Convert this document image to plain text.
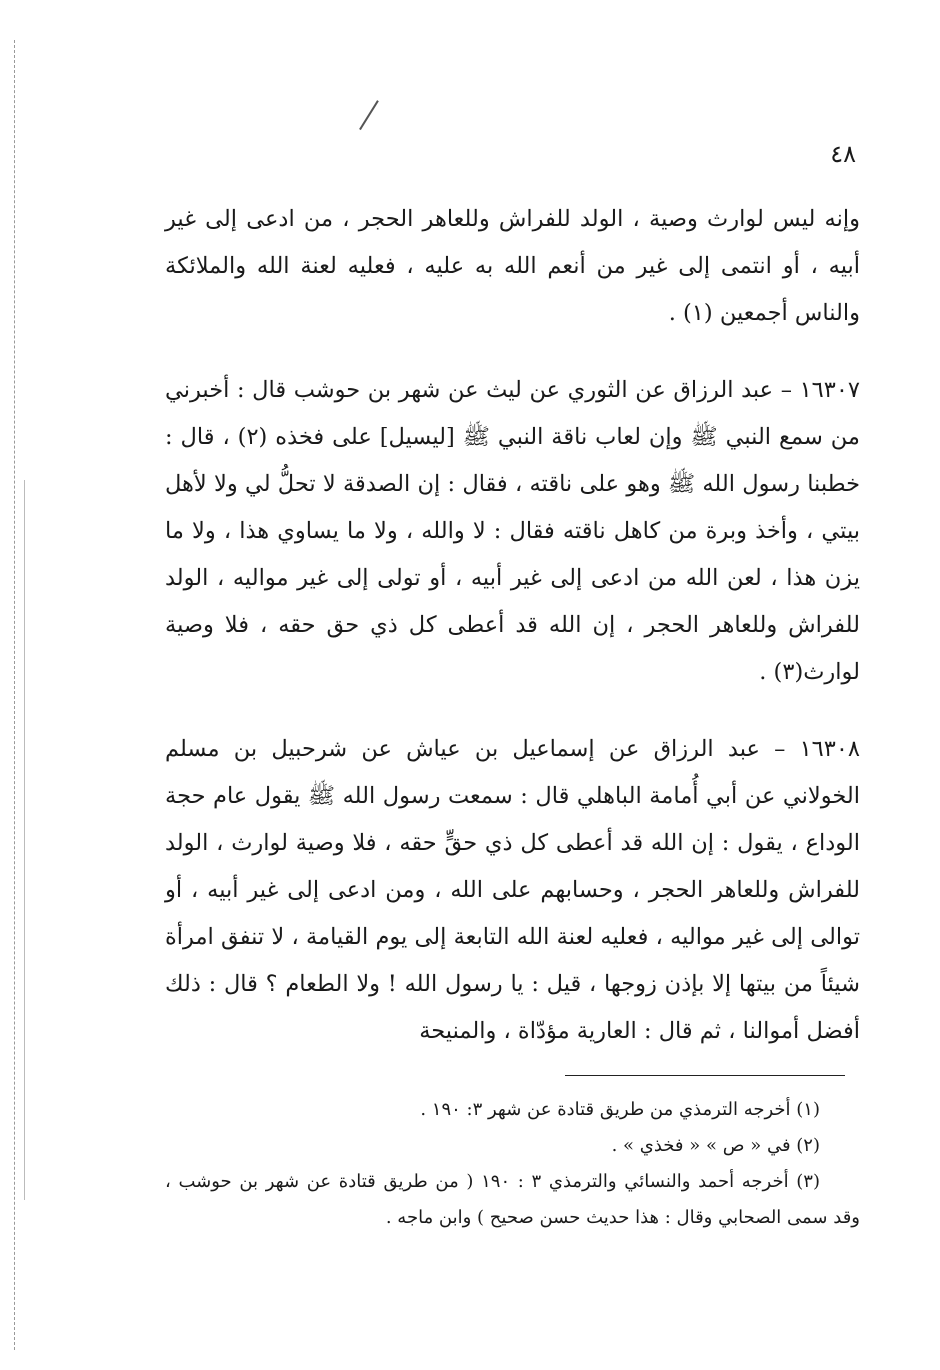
٤٨

وإنه ليس لوارث وصية ، الولد للفراش وللعاهر الحجر ، من ادعى إلى غير أبيه ، أو انتمى إلى غير من أنعم الله به عليه ، فعليه لعنة الله والملائكة والناس أجمعين (١) .

١٦٣٠٧ – عبد الرزاق عن الثوري عن ليث عن شهر بن حوشب قال : أخبرني من سمع النبي ﷺ وإن لعاب ناقة النبي ﷺ [ليسيل] على فخذه (٢) ، قال : خطبنا رسول الله ﷺ وهو على ناقته ، فقال : إن الصدقة لا تحلُّ لي ولا لأهل بيتي ، وأخذ وبرة من كاهل ناقته فقال : لا والله ، ولا ما يساوي هذا ، ولا ما يزن هذا ، لعن الله من ادعى إلى غير أبيه ، أو تولى إلى غير مواليه ، الولد للفراش وللعاهر الحجر ، إن الله قد أعطى كل ذي حق حقه ، فلا وصية لوارث(٣) .

١٦٣٠٨ – عبد الرزاق عن إسماعيل بن عياش عن شرحبيل بن مسلم الخولاني عن أبي أُمامة الباهلي قال : سمعت رسول الله ﷺ يقول عام حجة الوداع ، يقول : إن الله قد أعطى كل ذي حقٍّ حقه ، فلا وصية لوارث ، الولد للفراش وللعاهر الحجر ، وحسابهم على الله ، ومن ادعى إلى غير أبيه ، أو توالى إلى غير مواليه ، فعليه لعنة الله التابعة إلى يوم القيامة ، لا تنفق امرأة شيئاً من بيتها إلا بإذن زوجها ، قيل : يا رسول الله ! ولا الطعام ؟ قال : ذلك أفضل أموالنا ، ثم قال : العارية مؤدّاة ، والمنيحة

(١) أخرجه الترمذي من طريق قتادة عن شهر ٣: ١٩٠ .

(٢) في « ص » « فخذي » .

(٣) أخرجه أحمد والنسائي والترمذي ٣ : ١٩٠ ( من طريق قتادة عن شهر بن حوشب ، وقد سمى الصحابي وقال : هذا حديث حسن صحيح ) وابن ماجه .
